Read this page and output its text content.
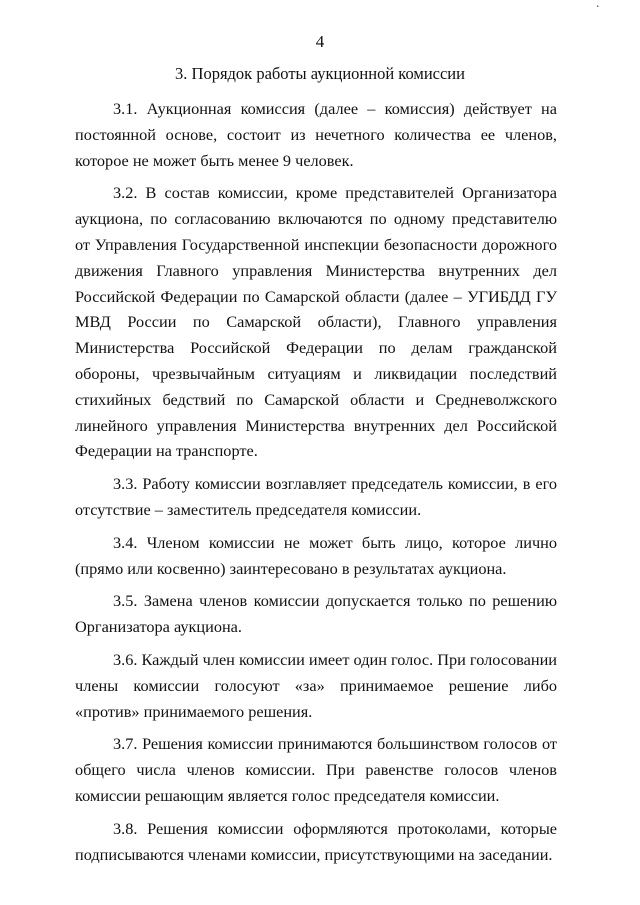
·
4
3. Порядок работы аукционной комиссии

3.1. Аукционная комиссия (далее – комиссия) действует на постоянной основе, состоит из нечетного количества ее членов, которое не может быть менее 9 человек.

3.2. В состав комиссии, кроме представителей Организатора аукциона, по согласованию включаются по одному представителю от Управления Государственной инспекции безопасности дорожного движения Главного управления Министерства внутренних дел Российской Федерации по Самарской области (далее – УГИБДД ГУ МВД России по Самарской области), Главного управления Министерства Российской Федерации по делам гражданской обороны, чрезвычайным ситуациям и ликвидации последствий стихийных бедствий по Самарской области и Средневолжского линейного управления Министерства внутренних дел Российской Федерации на транспорте.

3.3. Работу комиссии возглавляет председатель комиссии, в его отсутствие – заместитель председателя комиссии.

3.4. Членом комиссии не может быть лицо, которое лично (прямо или косвенно) заинтересовано в результатах аукциона.

3.5. Замена членов комиссии допускается только по решению Организатора аукциона.

3.6. Каждый член комиссии имеет один голос. При голосовании члены комиссии голосуют «за» принимаемое решение либо «против» принимаемого решения.

3.7. Решения комиссии принимаются большинством голосов от общего числа членов комиссии. При равенстве голосов членов комиссии решающим является голос председателя комиссии.

3.8. Решения комиссии оформляются протоколами, которые подписываются членами комиссии, присутствующими на заседании.
